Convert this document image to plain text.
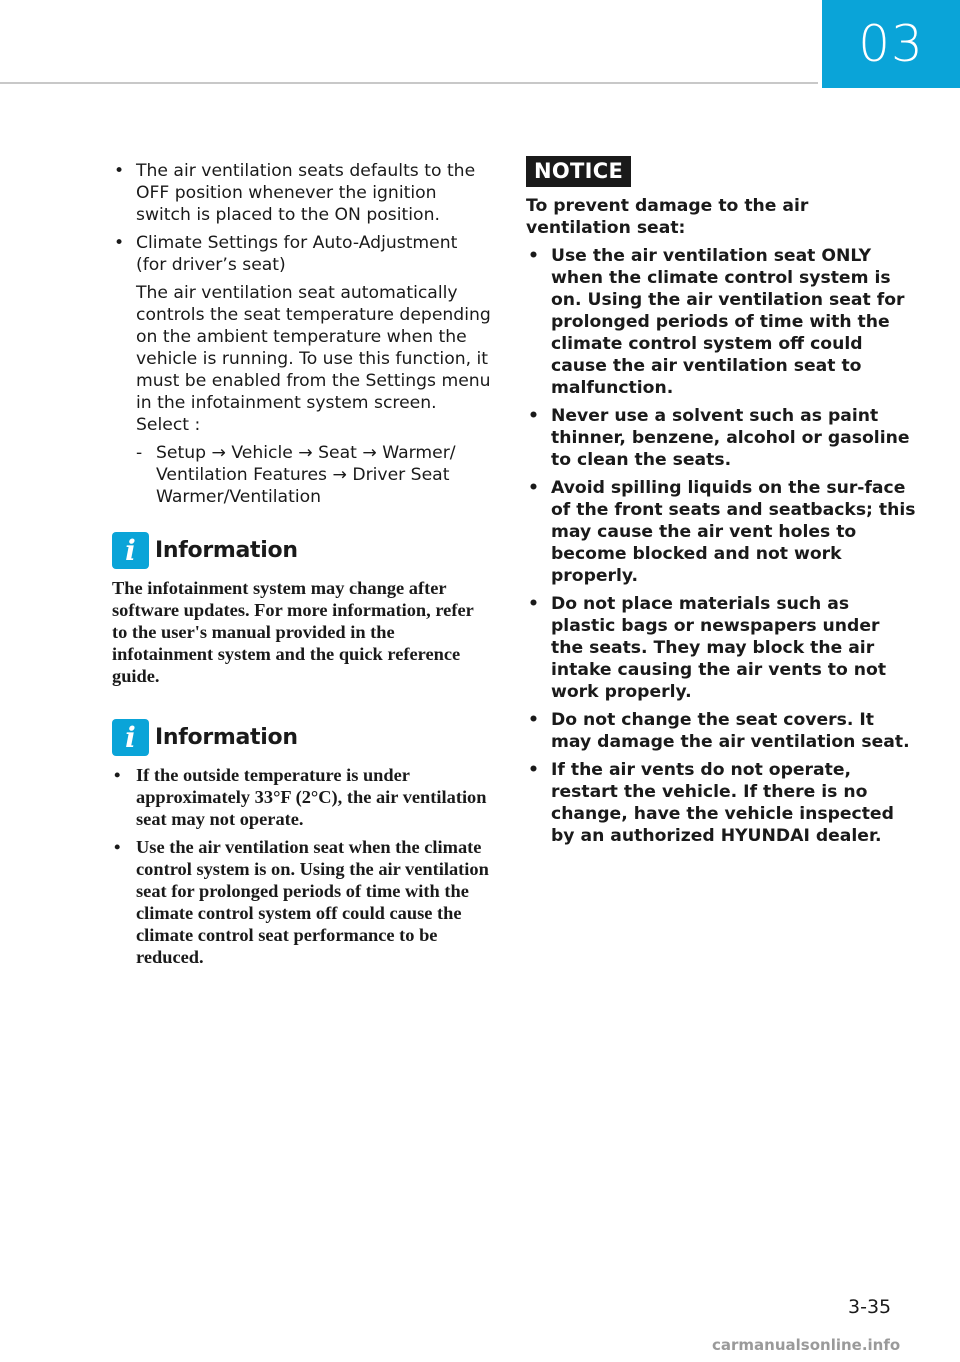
03
• The air ventilation seats defaults to the OFF position whenever the ignition switch is placed to the ON position.
• Climate Settings for Auto-Adjustment (for driver’s seat)
The air ventilation seat automatically controls the seat temperature depending on the ambient temperature when the vehicle is running. To use this function, it must be enabled from the Settings menu in the infotainment system screen. Select :
- Setup → Vehicle → Seat → Warmer/ Ventilation Features → Driver Seat Warmer/Ventilation
i Information

The infotainment system may change after software updates. For more information, refer to the user's manual provided in the infotainment system and the quick reference guide.

i Information
• If the outside temperature is under approximately 33°F (2°C), the air ventilation seat may not operate.
• Use the air ventilation seat when the climate control system is on. Using the air ventilation seat for prolonged periods of time with the climate control system off could cause the climate control seat performance to be reduced.
NOTICE

To prevent damage to the air ventilation seat:

• Use the air ventilation seat ONLY when the climate control system is on. Using the air ventilation seat for prolonged periods of time with the climate control system off could cause the air ventilation seat to malfunction.
• Never use a solvent such as paint thinner, benzene, alcohol or gasoline to clean the seats.
• Avoid spilling liquids on the sur-face of the front seats and seatbacks; this may cause the air vent holes to become blocked and not work properly.
• Do not place materials such as plastic bags or newspapers under the seats. They may block the air intake causing the air vents to not work properly.
• Do not change the seat covers. It may damage the air ventilation seat.
• If the air vents do not operate, restart the vehicle. If there is no change, have the vehicle inspected by an authorized HYUNDAI dealer.
3-35
carmanualsonline.info
